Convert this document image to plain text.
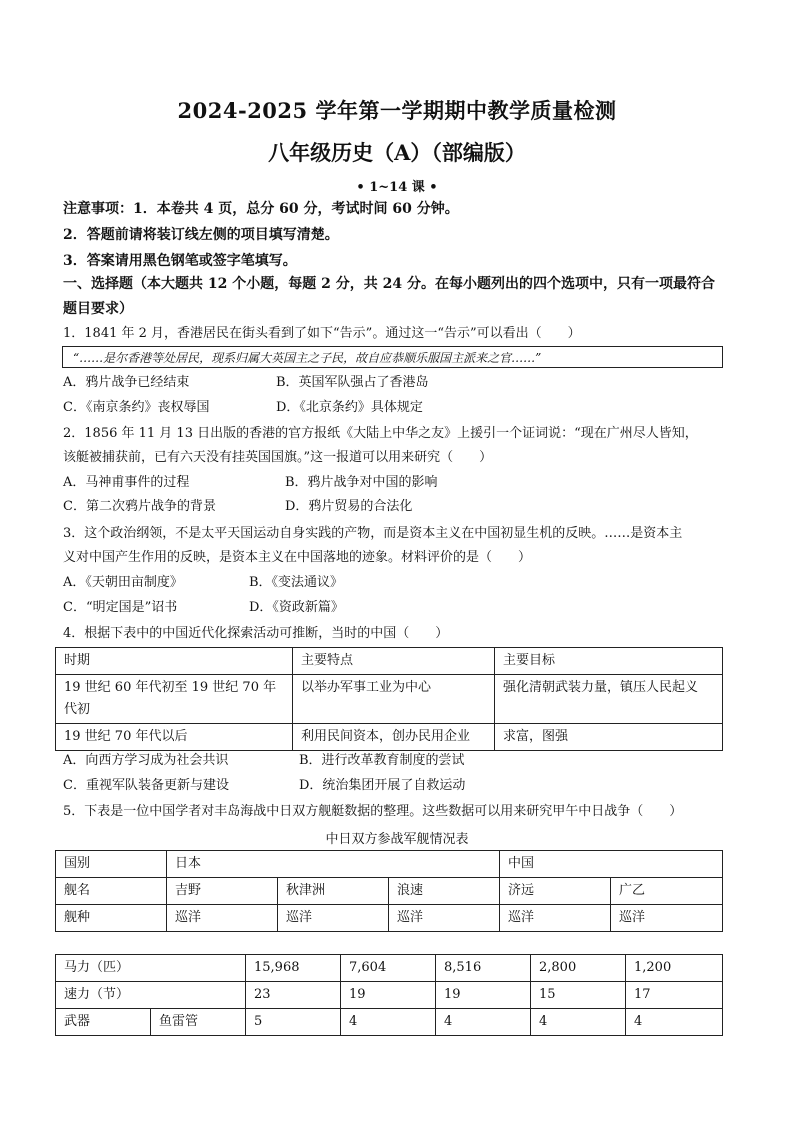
2024-2025 学年第一学期期中教学质量检测
八年级历史（A）（部编版）
• 1~14 课 •
注意事项：1．本卷共 4 页，总分 60 分，考试时间 60 分钟。
2．答题前请将装订线左侧的项目填写清楚。
3．答案请用黑色钢笔或签字笔填写。
一、选择题（本大题共 12 个小题，每题 2 分，共 24 分。在每小题列出的四个选项中，只有一项最符合题目要求）
1．1841 年 2 月，香港居民在街头看到了如下“告示”。通过这一“告示”可以看出（　　）
“……是尔香港等处居民，现系归属大英国主之子民，故自应恭顺乐服国主派来之官……”
A．鸦片战争已经结束	B．英国军队强占了香港岛
C．《南京条约》丧权辱国	D．《北京条约》具体规定
2．1856 年 11 月 13 日出版的香港的官方报纸《大陆上中华之友》上援引一个证词说：“现在广州尽人皆知，
该艇被捕获前，已有六天没有挂英国国旗。”这一报道可以用来研究（　　）
A．马神甫事件的过程	B．鸦片战争对中国的影响
C．第二次鸦片战争的背景	D．鸦片贸易的合法化
3．这个政治纲领，不是太平天国运动自身实践的产物，而是资本主义在中国初显生机的反映。……是资本主
义对中国产生作用的反映，是资本主义在中国落地的迹象。材料评价的是（　　）
A．《天朝田亩制度》	B．《变法通议》
C．“明定国是”诏书	D．《资政新篇》
4．根据下表中的中国近代化探索活动可推断，当时的中国（　　）
时期	主要特点	主要目标
19 世纪 60 年代初至 19 世纪 70 年代初	以举办军事工业为中心	强化清朝武装力量，镇压人民起义
19 世纪 70 年代以后	利用民间资本，创办民用企业	求富，图强
A．向西方学习成为社会共识	B．进行改革教育制度的尝试
C．重视军队装备更新与建设	D．统治集团开展了自救运动
5．下表是一位中国学者对丰岛海战中日双方舰艇数据的整理。这些数据可以用来研究甲午中日战争（　　）
中日双方参战军舰情况表
国别	日本			中国	
舰名	吉野	秋津洲	浪速	济远	广乙
舰种	巡洋	巡洋	巡洋	巡洋	巡洋
马力（匹）		15,968	7,604	8,516	2,800	1,200
速力（节）		23	19	19	15	17
武器	鱼雷管	5	4	4	4	4
